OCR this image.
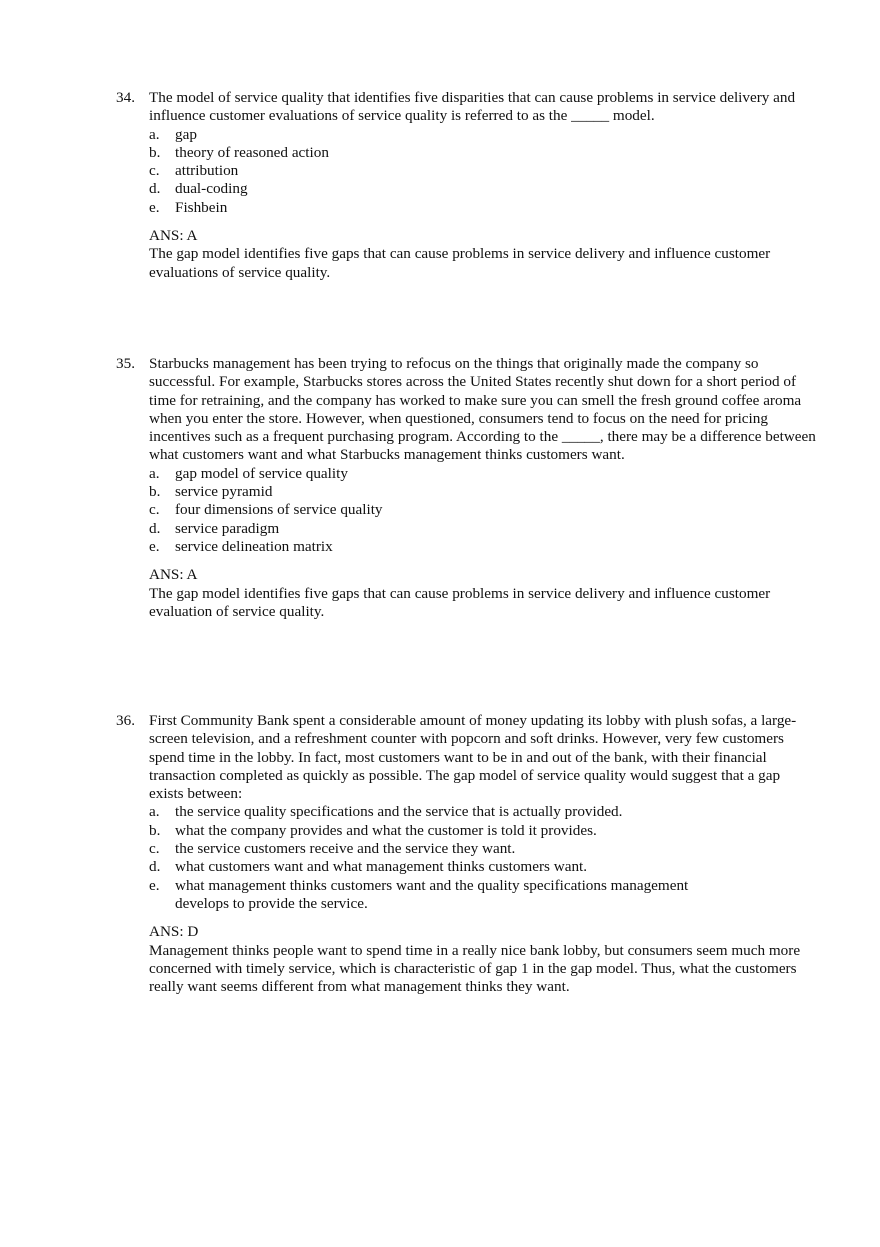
34. The model of service quality that identifies five disparities that can cause problems in service delivery and influence customer evaluations of service quality is referred to as the _____ model.
a.	gap
b. theory of reasoned action
c.	attribution
d. dual-coding
e.	Fishbein
ANS: A
The gap model identifies five gaps that can cause problems in service delivery and influence customer evaluations of service quality.
35. Starbucks management has been trying to refocus on the things that originally made the company so successful. For example, Starbucks stores across the United States recently shut down for a short period of time for retraining, and the company has worked to make sure you can smell the fresh ground coffee aroma when you enter the store. However, when questioned, consumers tend to focus on the need for pricing incentives such as a frequent purchasing program. According to the _____, there may be a difference between what customers want and what Starbucks management thinks customers want.
a.	gap model of service quality
b. service pyramid
c.	four dimensions of service quality
d. service paradigm
e.	service delineation matrix
ANS: A
The gap model identifies five gaps that can cause problems in service delivery and influence customer evaluation of service quality.
36. First Community Bank spent a considerable amount of money updating its lobby with plush sofas, a large-screen television, and a refreshment counter with popcorn and soft drinks. However, very few customers spend time in the lobby. In fact, most customers want to be in and out of the bank, with their financial transaction completed as quickly as possible. The gap model of service quality would suggest that a gap exists between:
a.	the service quality specifications and the service that is actually provided.
b. what the company provides and what the customer is told it provides.
c.	the service customers receive and the service they want.
d. what customers want and what management thinks customers want.
e.	what management thinks customers want and the quality specifications management develops to provide the service.
ANS: D
Management thinks people want to spend time in a really nice bank lobby, but consumers seem much more concerned with timely service, which is characteristic of gap 1 in the gap model. Thus, what the customers really want seems different from what management thinks they want.
